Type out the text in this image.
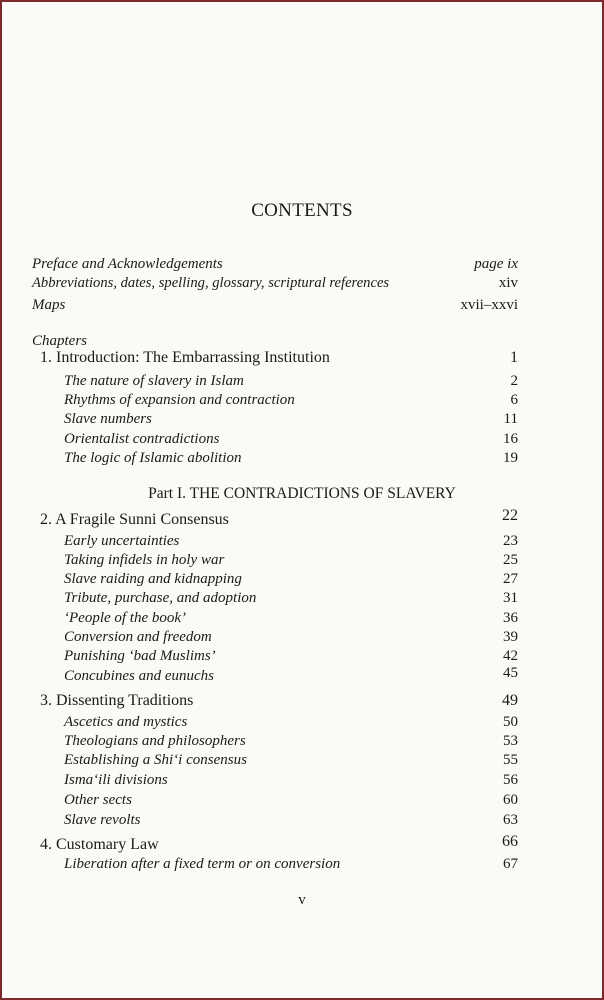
CONTENTS
Preface and Acknowledgements	page ix
Abbreviations, dates, spelling, glossary, scriptural references	xiv
Maps	xvii–xxvi
Chapters
1. Introduction: The Embarrassing Institution	1
The nature of slavery in Islam	2
Rhythms of expansion and contraction	6
Slave numbers	11
Orientalist contradictions	16
The logic of Islamic abolition	19
Part I. THE CONTRADICTIONS OF SLAVERY
2. A Fragile Sunni Consensus	22
Early uncertainties	23
Taking infidels in holy war	25
Slave raiding and kidnapping	27
Tribute, purchase, and adoption	31
‘People of the book’	36
Conversion and freedom	39
Punishing ‘bad Muslims’	42
Concubines and eunuchs	45
3. Dissenting Traditions	49
Ascetics and mystics	50
Theologians and philosophers	53
Establishing a Shi‘i consensus	55
Isma‘ili divisions	56
Other sects	60
Slave revolts	63
4. Customary Law	66
Liberation after a fixed term or on conversion	67
v
